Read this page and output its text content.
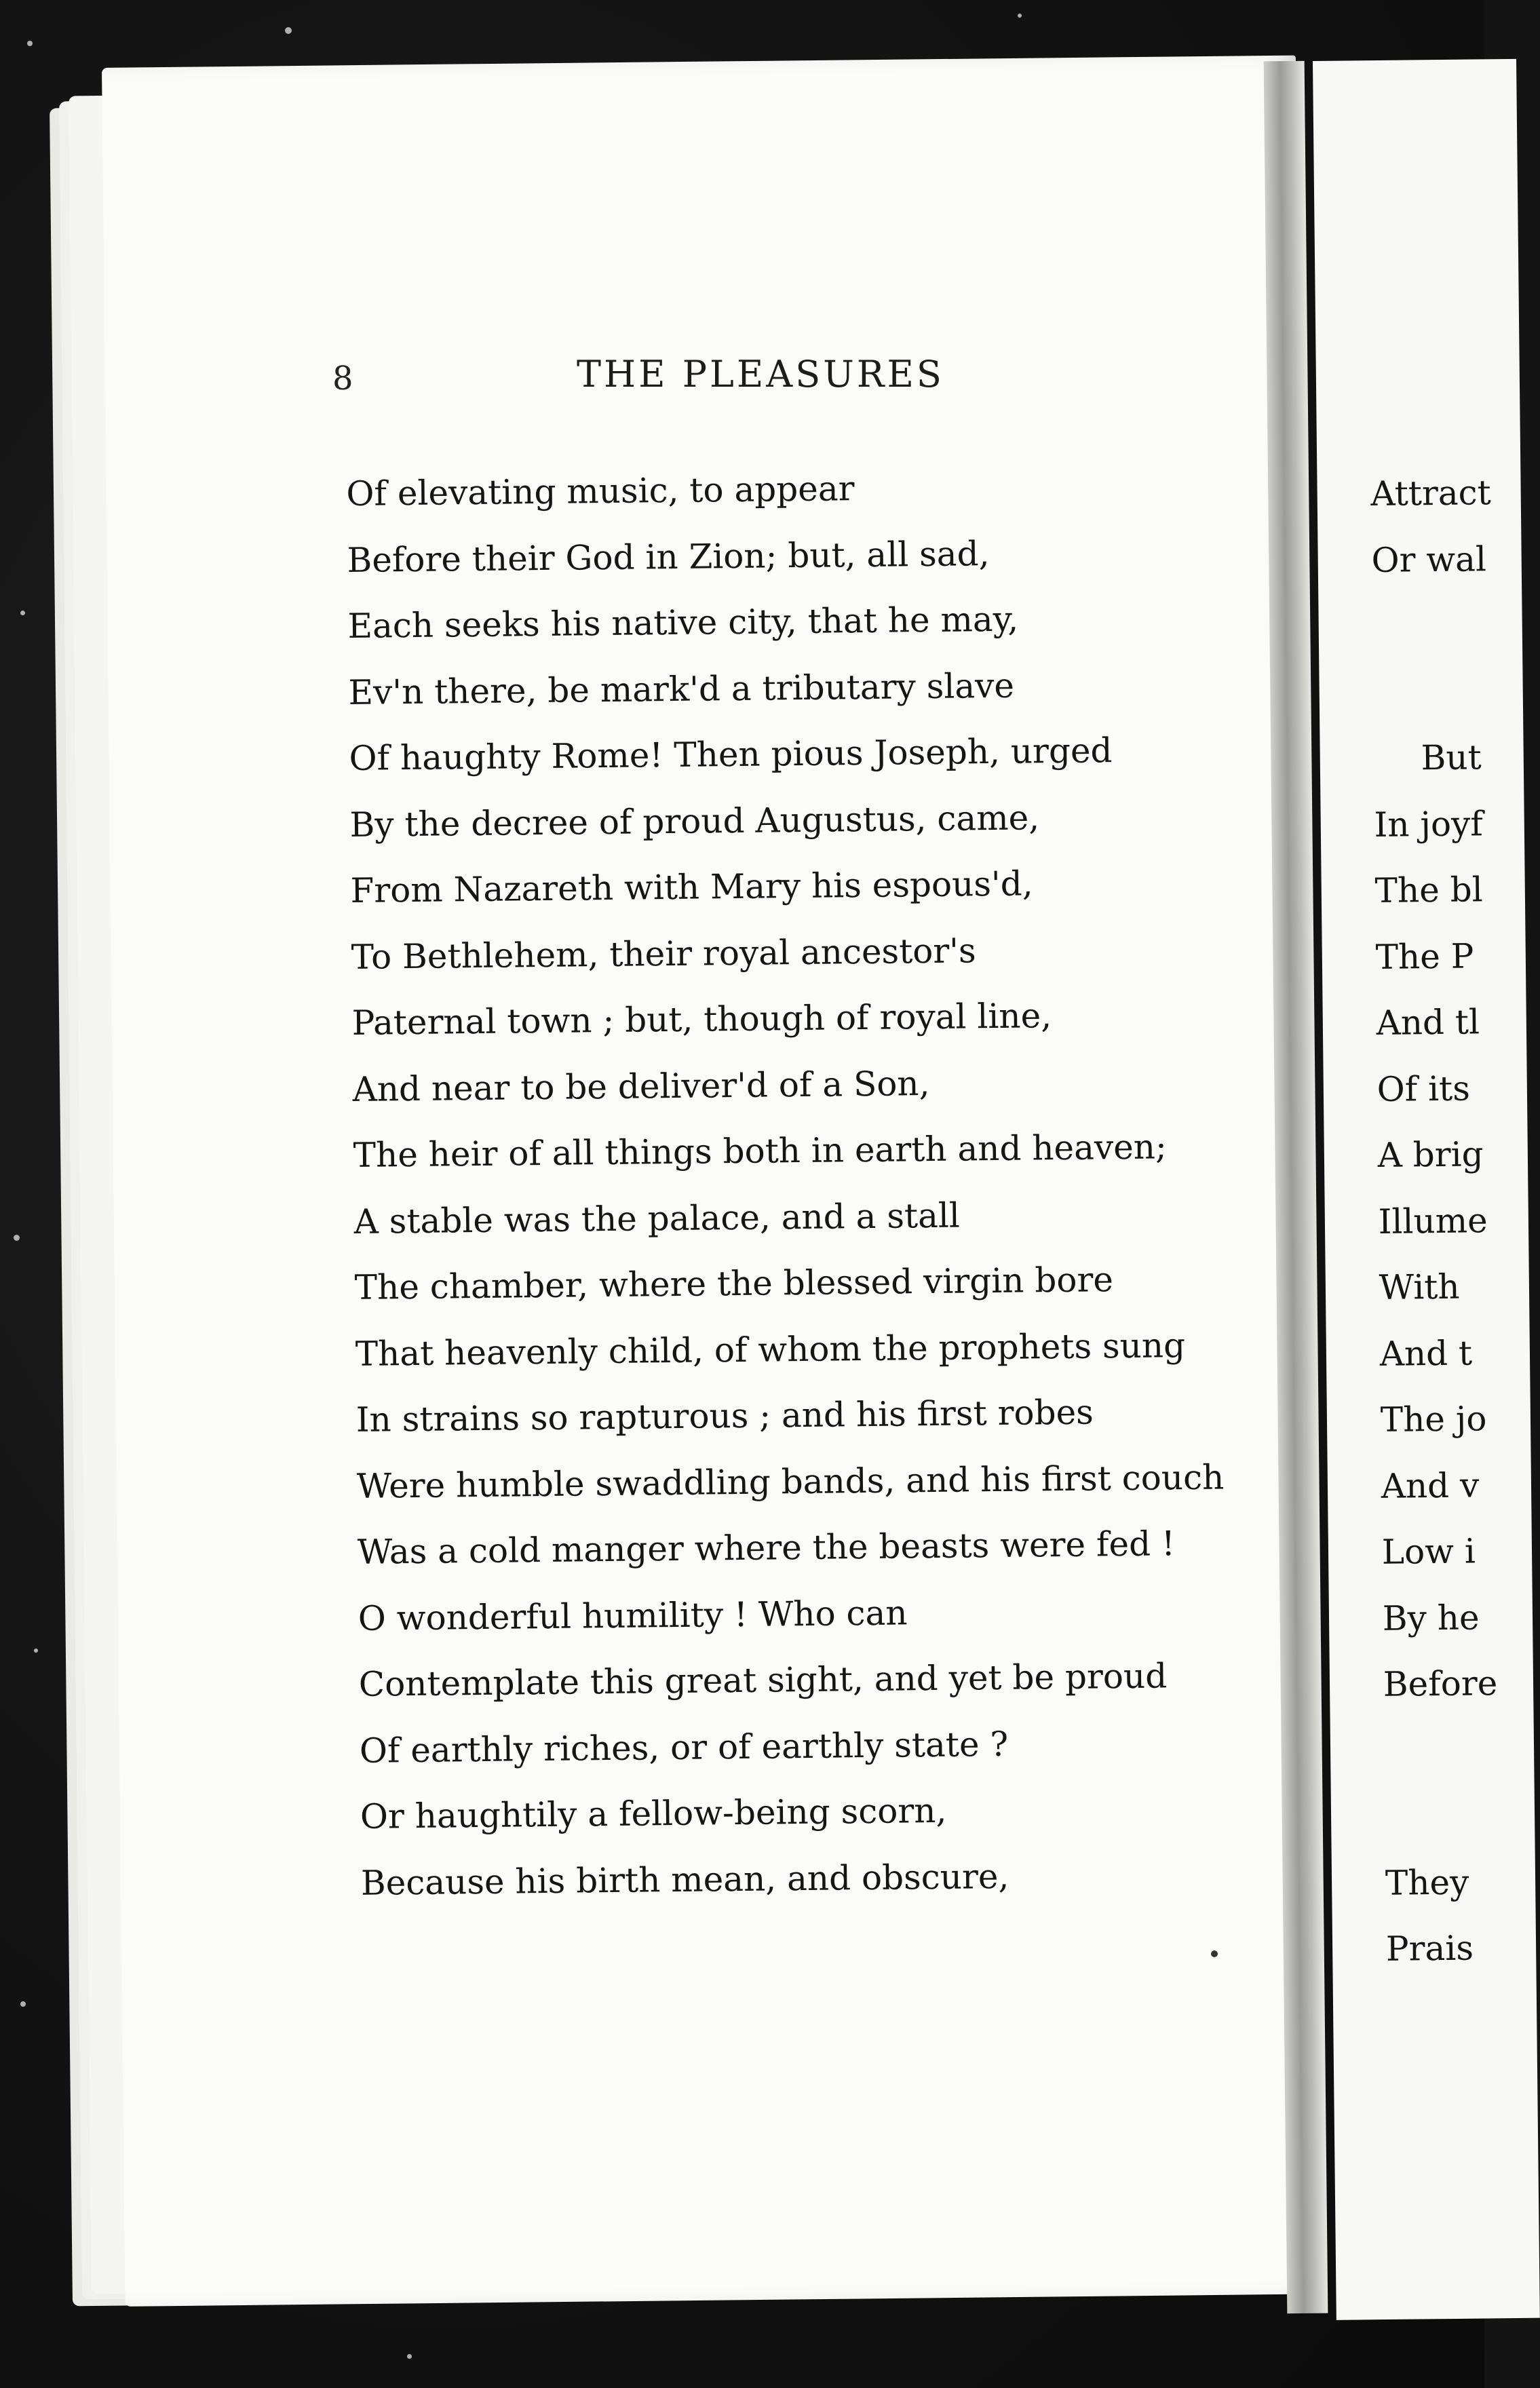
8	THE PLEASURES
Of elevating music, to appear
Before their God in Zion; but, all sad,
Each seeks his native city, that he may,
Ev'n there, be mark'd a tributary slave
Of haughty Rome! Then pious Joseph, urged
By the decree of proud Augustus, came,
From Nazareth with Mary his espous'd,
To Bethlehem, their royal ancestor's
Paternal town ; but, though of royal line,
And near to be deliver'd of a Son,
The heir of all things both in earth and heaven;
A stable was the palace, and a stall
The chamber, where the blessed virgin bore
That heavenly child, of whom the prophets sung
In strains so rapturous ; and his first robes
Were humble swaddling bands, and his first couch
Was a cold manger where the beasts were fed !
O wonderful humility ! Who can
Contemplate this great sight, and yet be proud
Of earthly riches, or of earthly state ?
Or haughtily a fellow-being scorn,
Because his birth mean, and obscure,
Attract
Or wal
But
In joyf
The bl
The P
And tl
Of its
A brig
Illume
With
And t
The jo
And v
Low i
By he
Before
They
Prais
